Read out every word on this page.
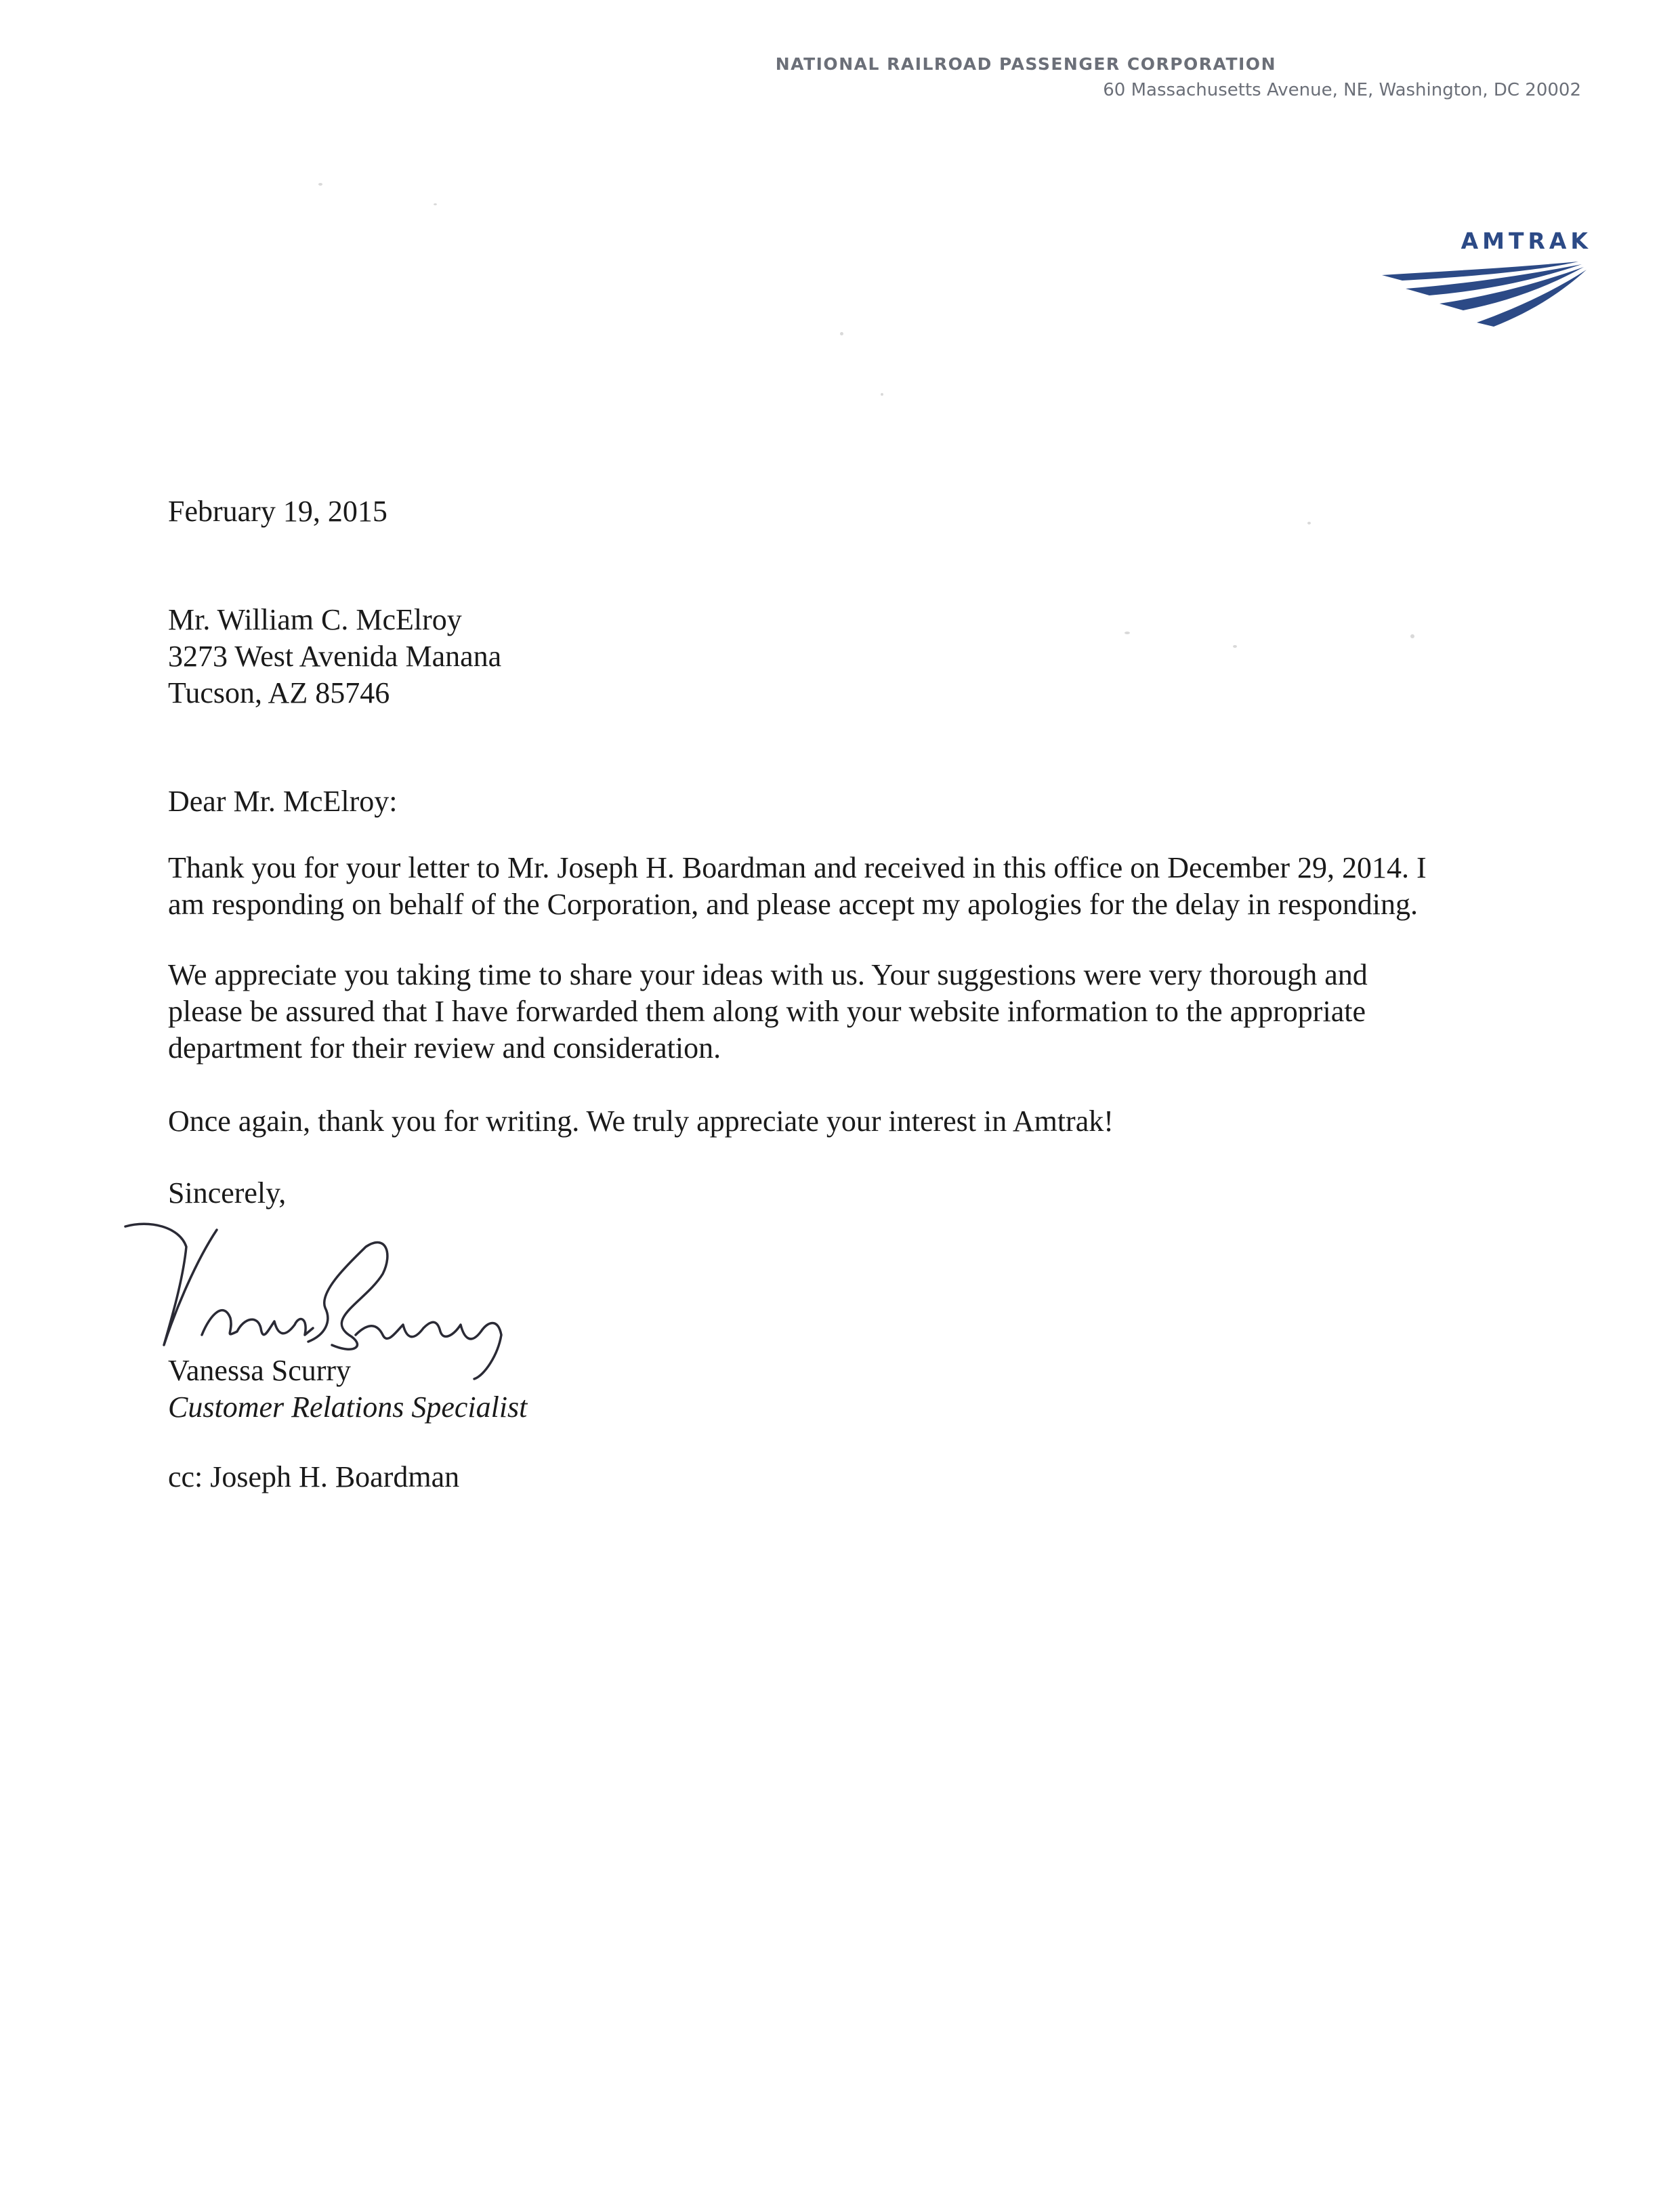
NATIONAL RAILROAD PASSENGER CORPORATION
60 Massachusetts Avenue, NE, Washington, DC 20002
AMTRAK
February 19, 2015
Mr. William C. McElroy
3273 West Avenida Manana
Tucson, AZ 85746
Dear Mr. McElroy:
Thank you for your letter to Mr. Joseph H. Boardman and received in this office on December 29, 2014. I
am responding on behalf of the Corporation, and please accept my apologies for the delay in responding.
We appreciate you taking time to share your ideas with us. Your suggestions were very thorough and
please be assured that I have forwarded them along with your website information to the appropriate
department for their review and consideration.
Once again, thank you for writing. We truly appreciate your interest in Amtrak!
Sincerely,
Vanessa Scurry
Customer Relations Specialist
cc: Joseph H. Boardman
